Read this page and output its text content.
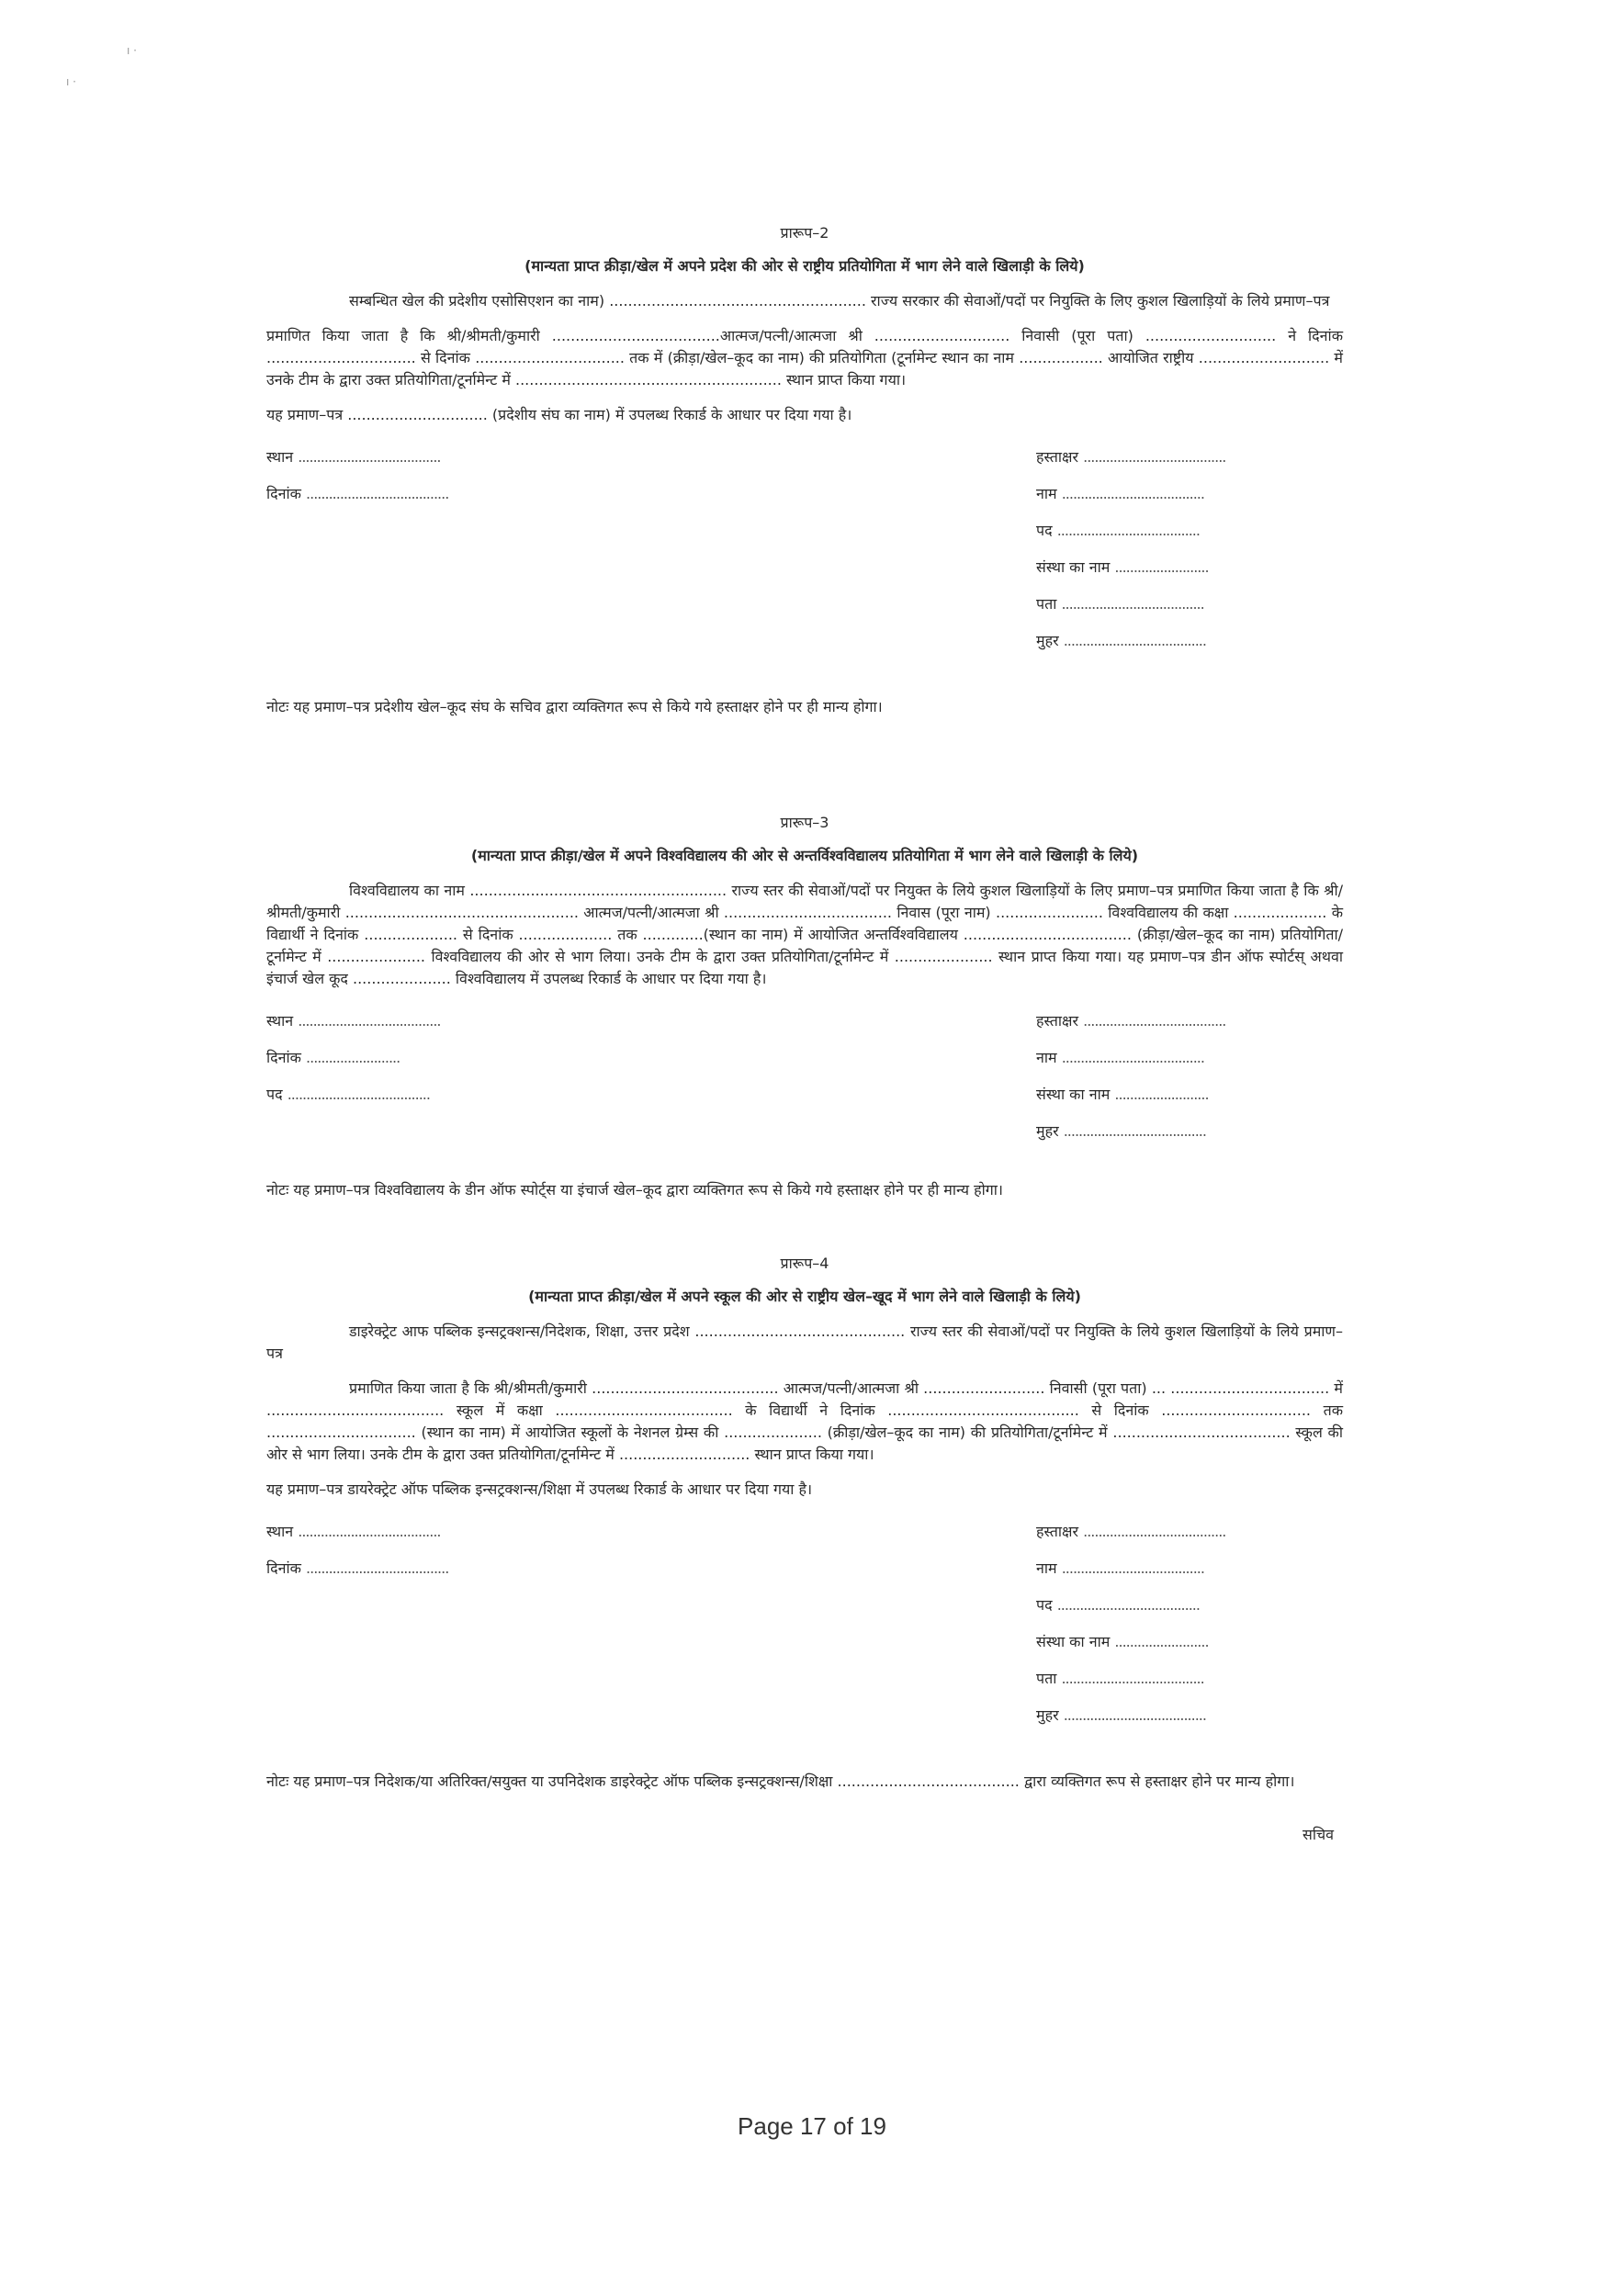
ı ·
ı ·
प्रारूप–2
(मान्यता प्राप्त क्रीड़ा/खेल में अपने प्रदेश की ओर से राष्ट्रीय प्रतियोगिता में भाग लेने वाले खिलाड़ी के लिये)
सम्बन्धित खेल की प्रदेशीय एसोसिएशन का नाम) ....................................................... राज्य सरकार की सेवाओं/पदों पर नियुक्ति के लिए कुशल खिलाड़ियों के लिये प्रमाण–पत्र
प्रमाणित किया जाता है कि श्री/श्रीमती/कुमारी ....................................आत्मज/पत्नी/आत्मजा श्री ............................. निवासी (पूरा पता) ............................ ने दिनांक ................................ से दिनांक ................................ तक में (क्रीड़ा/खेल–कूद का नाम) की प्रतियोगिता (टूर्नामेन्ट स्थान का नाम .................. आयोजित राष्ट्रीय ............................ में उनके टीम के द्वारा उक्त प्रतियोगिता/टूर्नामेन्ट में ......................................................... स्थान प्राप्त किया गया।
यह प्रमाण–पत्र .............................. (प्रदेशीय संघ का नाम) में उपलब्ध रिकार्ड के आधार पर दिया गया है।
स्थान ......................................
दिनांक ......................................
हस्ताक्षर ......................................
नाम ......................................
पद ......................................
संस्था का नाम .........................
पता ......................................
मुहर ......................................
नोटः यह प्रमाण–पत्र प्रदेशीय खेल–कूद संघ के सचिव द्वारा व्यक्तिगत रूप से किये गये हस्ताक्षर होने पर ही मान्य होगा।
प्रारूप–3
(मान्यता प्राप्त क्रीड़ा/खेल में अपने विश्वविद्यालय की ओर से अन्तर्विश्वविद्यालय प्रतियोगिता में भाग लेने वाले खिलाड़ी के लिये)
विश्वविद्यालय का नाम ....................................................... राज्य स्तर की सेवाओं/पदों पर नियुक्त के लिये कुशल खिलाड़ियों के लिए प्रमाण–पत्र प्रमाणित किया जाता है कि श्री/श्रीमती/कुमारी .................................................. आत्मज/पत्नी/आत्मजा श्री .................................... निवास (पूरा नाम) ....................... विश्वविद्यालय की कक्षा .................... के विद्यार्थी ने दिनांक .................... से दिनांक .................... तक .............(स्थान का नाम) में आयोजित अन्तर्विश्वविद्यालय .................................... (क्रीड़ा/खेल–कूद का नाम) प्रतियोगिता/टूर्नामेन्ट में ..................... विश्वविद्यालय की ओर से भाग लिया। उनके टीम के द्वारा उक्त प्रतियोगिता/टूर्नामेन्ट में ..................... स्थान प्राप्त किया गया। यह प्रमाण–पत्र डीन ऑफ स्पोर्टस् अथवा इंचार्ज खेल कूद ..................... विश्वविद्यालय में उपलब्ध रिकार्ड के आधार पर दिया गया है।
स्थान ......................................
दिनांक .........................
पद ......................................
हस्ताक्षर ......................................
नाम ......................................
संस्था का नाम .........................
मुहर ......................................
नोटः यह प्रमाण–पत्र विश्वविद्यालय के डीन ऑफ स्पोर्ट्स या इंचार्ज खेल–कूद द्वारा व्यक्तिगत रूप से किये गये हस्ताक्षर होने पर ही मान्य होगा।
प्रारूप–4
(मान्यता प्राप्त क्रीड़ा/खेल में अपने स्कूल की ओर से राष्ट्रीय खेल–खूद में भाग लेने वाले खिलाड़ी के लिये)
डाइरेक्ट्रेट आफ पब्लिक इन्सट्रक्शन्स/निदेशक, शिक्षा, उत्तर प्रदेश ............................................. राज्य स्तर की सेवाओं/पदों पर नियुक्ति के लिये कुशल खिलाड़ियों के लिये प्रमाण–पत्र
प्रमाणित किया जाता है कि श्री/श्रीमती/कुमारी ........................................ आत्मज/पत्नी/आत्मजा श्री .......................... निवासी (पूरा पता) ... .................................. में ...................................... स्कूल में कक्षा ...................................... के विद्यार्थी ने दिनांक ......................................... से दिनांक ................................ तक ................................ (स्थान का नाम) में आयोजित स्कूलों के नेशनल ग्रेम्स की ..................... (क्रीड़ा/खेल–कूद का नाम) की प्रतियोगिता/टूर्नामेन्ट में ...................................... स्कूल की ओर से भाग लिया। उनके टीम के द्वारा उक्त प्रतियोगिता/टूर्नामेन्ट में ............................ स्थान प्राप्त किया गया।
यह प्रमाण–पत्र डायरेक्ट्रेट ऑफ पब्लिक इन्सट्रक्शन्स/शिक्षा में उपलब्ध रिकार्ड के आधार पर दिया गया है।
स्थान ......................................
दिनांक ......................................
हस्ताक्षर ......................................
नाम ......................................
पद ......................................
संस्था का नाम .........................
पता ......................................
मुहर ......................................
नोटः यह प्रमाण–पत्र निदेशक/या अतिरिक्त/सयुक्त या उपनिदेशक डाइरेक्ट्रेट ऑफ पब्लिक इन्सट्रक्शन्स/शिक्षा ....................................... द्वारा व्यक्तिगत रूप से हस्ताक्षर होने पर मान्य होगा।
सचिव
Page 17 of 19
